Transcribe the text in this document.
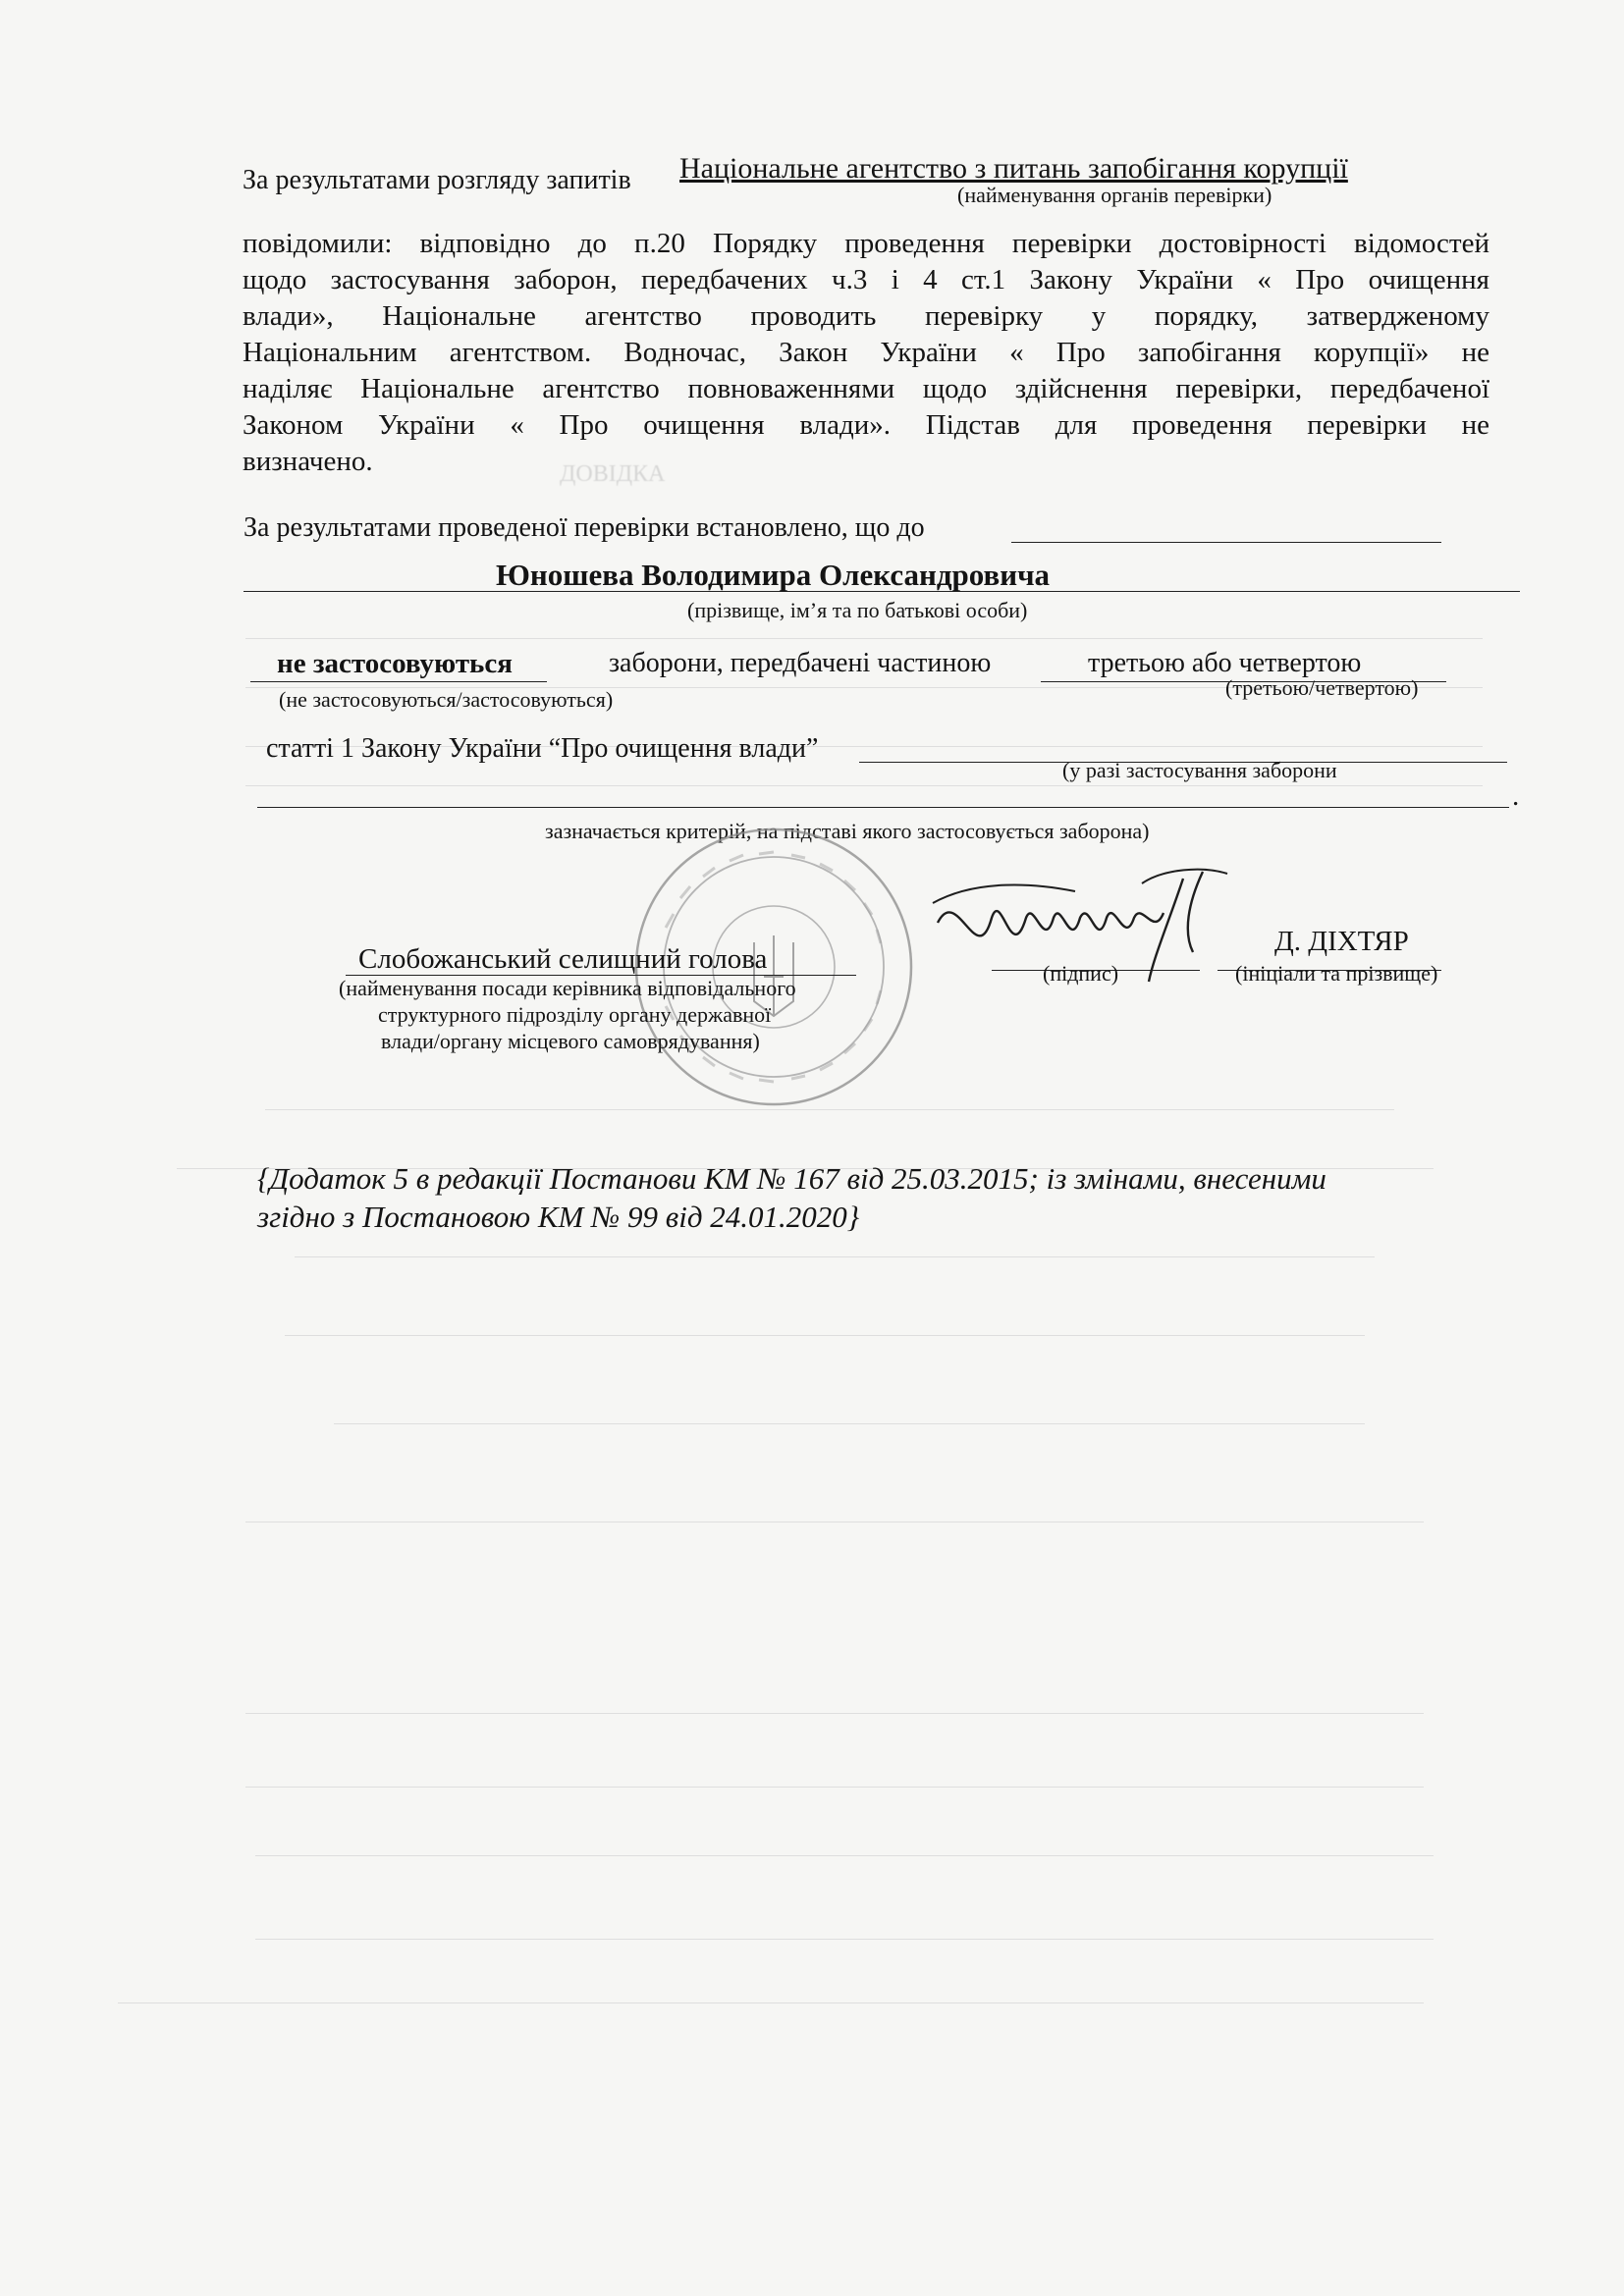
ДОВІДКА
За результатами розгляду запитів Національне агентство з питань запобігання корупції
(найменування органів перевірки)
повідомили: відповідно до п.20 Порядку проведення перевірки достовірності відомостей
щодо застосування заборон, передбачених ч.3 і 4 ст.1 Закону України « Про очищення
влади», Національне агентство проводить перевірку у порядку, затвердженому
Національним агентством. Водночас, Закон України « Про запобігання корупції» не
наділяє Національне агентство повноваженнями щодо здійснення перевірки, передбаченої
Законом України « Про очищення влади». Підстав для проведення перевірки не
визначено.
За результатами проведеної перевірки встановлено, що до
Юношева Володимира Олександровича
(прізвище, ім’я та по батькові особи)
не застосовуються	заборони, передбачені частиною	третьою або четвертою
(не застосовуються/застосовуються)	(третьою/четвертою)
статті 1 Закону України “Про очищення влади”
(у разі застосування заборони
.
зазначається критерій, на підставі якого застосовується заборона)
Слобожанський селищний голова
(найменування посади керівника відповідального
структурного підрозділу органу державної
влади/органу місцевого самоврядування)
(підпис)
Д. ДІХТЯР
(ініціали та прізвище)
{Додаток 5 в редакції Постанови КМ № 167 від 25.03.2015; із змінами, внесеними
згідно з Постановою КМ № 99 від 24.01.2020}
